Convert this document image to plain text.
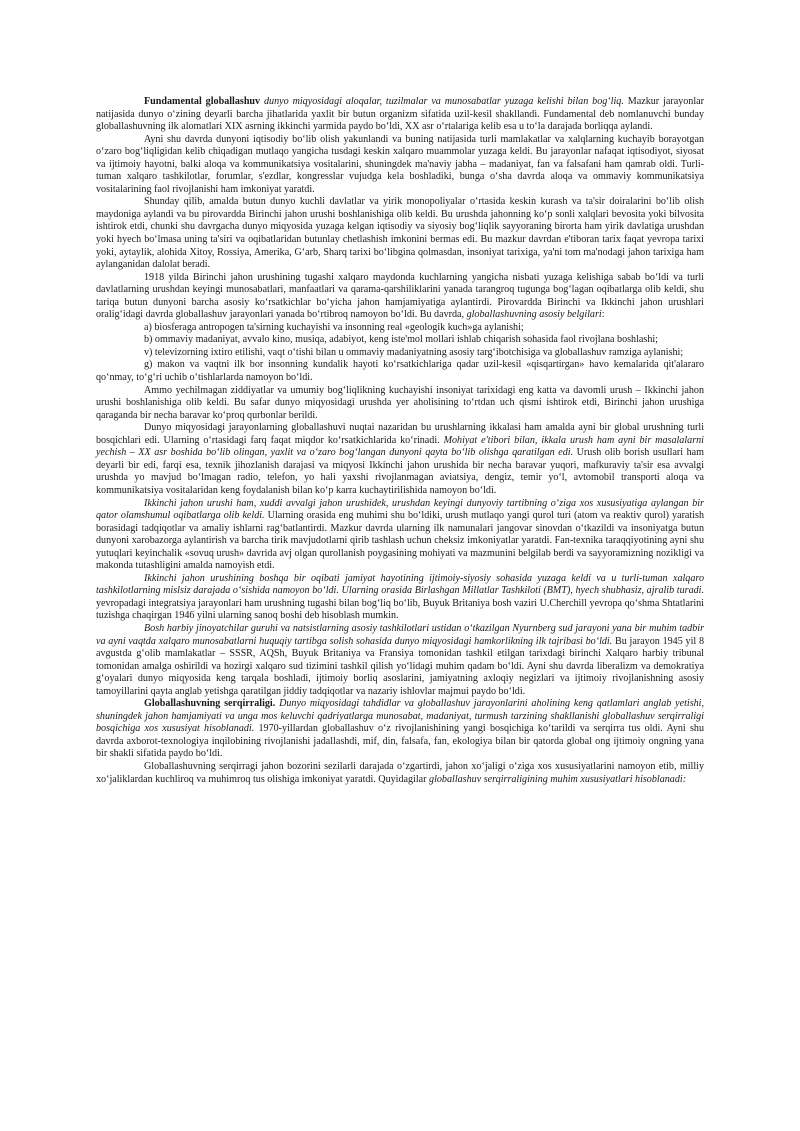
Fundamental globallashuv dunyo miqyosidagi aloqalar, tuzilmalar va munosabatlar yuzaga kelishi bilan bog‘liq. Mazkur jarayonlar natijasida dunyo oʻzining deyarli barcha jihatlarida yaxlit bir butun organizm sifatida uzil-kesil shakllandi. Fundamental deb nomlanuvchi bunday globallashuvning ilk alomatlari XIX asrning ikkinchi yarmida paydo boʻldi, XX asr oʻrtalariga kelib esa u toʻla darajada borliqqa aylandi.

Ayni shu davrda dunyoni iqtisodiy boʻlib olish yakunlandi va buning natijasida turli mamlakatlar va xalqlarning kuchayib borayotgan oʻzaro bogʻliqligidan kelib chiqadigan mutlaqo yangicha tusdagi keskin xalqaro muammolar yuzaga keldi. Bu jarayonlar nafaqat iqtisodiyot, siyosat va ijtimoiy hayotni, balki aloqa va kommunikatsiya vositalarini, shuningdek ma'naviy jabha – madaniyat, fan va falsafani ham qamrab oldi. Turli-tuman xalqaro tashkilotlar, forumlar, s'ezdlar, kongresslar vujudga kela boshladiki, bunga oʻsha davrda aloqa va ommaviy kommunikatsiya vositalarining faol rivojlanishi ham imkoniyat yaratdi.

Shunday qilib, amalda butun dunyo kuchli davlatlar va yirik monopoliyalar oʻrtasida keskin kurash va ta'sir doiralarini boʻlib olish maydoniga aylandi va bu pirovardda Birinchi jahon urushi boshlanishiga olib keldi. Bu urushda jahonning koʻp sonli xalqlari bevosita yoki bilvosita ishtirok etdi, chunki shu davrgacha dunyo miqyosida yuzaga kelgan iqtisodiy va siyosiy bogʻliqlik sayyoraning birorta ham yirik davlatiga urushdan yoki hyech boʻlmasa uning ta'siri va oqibatlaridan butunlay chetlashish imkonini bermas edi. Bu mazkur davrdan e'tiboran tarix faqat yevropa tarixi yoki, aytaylik, alohida Xitoy, Rossiya, Amerika, Gʻarb, Sharq tarixi boʻlibgina qolmasdan, insoniyat tarixiga, ya'ni tom ma'nodagi jahon tarixiga ham aylanganidan dalolat beradi.

1918 yilda Birinchi jahon urushining tugashi xalqaro maydonda kuchlarning yangicha nisbati yuzaga kelishiga sabab boʻldi va turli davlatlarning urushdan keyingi munosabatlari, manfaatlari va qarama-qarshiliklarini yanada tarangroq tugunga bogʻlagan oqibatlarga olib keldi, shu tariqa butun dunyoni barcha asosiy koʻrsatkichlar boʻyicha jahon hamjamiyatiga aylantirdi. Pirovardda Birinchi va Ikkinchi jahon urushlari oralig‘idagi davrda globallashuv jarayonlari yanada boʻrtibroq namoyon boʻldi. Bu davrda, globallashuvning asosiy belgilari:

a) biosferaga antropogen ta'sirning kuchayishi va insonning real «geologik kuch»ga aylanishi;

b) ommaviy madaniyat, avvalo kino, musiqa, adabiyot, keng iste'mol mollari ishlab chiqarish sohasida faol rivojlana boshlashi;

v) televizorning ixtiro etilishi, vaqt oʻtishi bilan u ommaviy madaniyatning asosiy targʻibotchisiga va globallashuv ramziga aylanishi;

g) makon va vaqtni ilk bor insonning kundalik hayoti koʻrsatkichlariga qadar uzil-kesil «qisqartirgan» havo kemalarida qit'alararo qoʻnmay, toʻgʻri uchib oʻtishlarlarda namoyon boʻldi.

Ammo yechilmagan ziddiyatlar va umumiy bogʻliqlikning kuchayishi insoniyat tarixidagi eng katta va davomli urush – Ikkinchi jahon urushi boshlanishiga olib keldi. Bu safar dunyo miqyosidagi urushda yer aholisining toʻrtdan uch qismi ishtirok etdi, Birinchi jahon urushiga qaraganda bir necha baravar koʻproq qurbonlar berildi.

Dunyo miqyosidagi jarayonlarning globallashuvi nuqtai nazaridan bu urushlarning ikkalasi ham amalda ayni bir global urushning turli bosqichlari edi. Ularning oʻrtasidagi farq faqat miqdor koʻrsatkichlarida koʻrinadi. Mohiyat e'tibori bilan, ikkala urush ham ayni bir masalalarni yechish – XX asr boshida boʻlib olingan, yaxlit va oʻzaro bogʻlangan dunyoni qayta boʻlib olishga qaratilgan edi. Urush olib borish usullari ham deyarli bir edi, farqi esa, texnik jihozlanish darajasi va miqyosi Ikkinchi jahon urushida bir necha baravar yuqori, mafkuraviy ta'sir esa avvalgi urushda yo mavjud boʻlmagan radio, telefon, yo hali yaxshi rivojlanmagan aviatsiya, dengiz, temir yoʻl, avtomobil transporti aloqa va kommunikatsiya vositalaridan keng foydalanish bilan koʻp karra kuchaytirilishida namoyon boʻldi.

Ikkinchi jahon urushi ham, xuddi avvalgi jahon urushidek, urushdan keyingi dunyoviy tartibning oʻziga xos xususiyatiga aylangan bir qator olamshumul oqibatlarga olib keldi. Ularning orasida eng muhimi shu boʻldiki, urush mutlaqo yangi qurol turi (atom va reaktiv qurol) yaratish borasidagi tadqiqotlar va amaliy ishlarni ragʻbatlantirdi. Mazkur davrda ularning ilk namunalari jangovar sinovdan oʻtkazildi va insoniyatga butun dunyoni xarobazorga aylantirish va barcha tirik mavjudotlarni qirib tashlash uchun cheksiz imkoniyatlar yaratdi. Fan-texnika taraqqiyotining ayni shu yutuqlari keyinchalik «sovuq urush» davrida avj olgan qurollanish poygasining mohiyati va mazmunini belgilab berdi va sayyoramizning nozikligi va makonda tutashligini amalda namoyish etdi.

Ikkinchi jahon urushining boshqa bir oqibati jamiyat hayotining ijtimoiy-siyosiy sohasida yuzaga keldi va u turli-tuman xalqaro tashkilotlarning mislsiz darajada oʻsishida namoyon boʻldi. Ularning orasida Birlashgan Millatlar Tashkiloti (BMT), hyech shubhasiz, ajralib turadi. yevropadagi integratsiya jarayonlari ham urushning tugashi bilan bogʻliq boʻlib, Buyuk Britaniya bosh vaziri U.Cherchill yevropa qoʻshma Shtatlarini tuzishga chaqirgan 1946 yilni ularning sanoq boshi deb hisoblash mumkin.

Bosh harbiy jinoyatchilar guruhi va natsistlarning asosiy tashkilotlari ustidan oʻtkazilgan Nyurnberg sud jarayoni yana bir muhim tadbir va ayni vaqtda xalqaro munosabatlarni huquqiy tartibga solish sohasida dunyo miqyosidagi hamkorlikning ilk tajribasi boʻldi. Bu jarayon 1945 yil 8 avgustda gʻolib mamlakatlar – SSSR, AQSh, Buyuk Britaniya va Fransiya tomonidan tashkil etilgan tarixdagi birinchi Xalqaro harbiy tribunal tomonidan amalga oshirildi va hozirgi xalqaro sud tizimini tashkil qilish yoʻlidagi muhim qadam boʻldi. Ayni shu davrda liberalizm va demokratiya gʻoyalari dunyo miqyosida keng tarqala boshladi, ijtimoiy borliq asoslarini, jamiyatning axloqiy negizlari va ijtimoiy rivojlanishning asosiy tamoyillarini qayta anglab yetishga qaratilgan jiddiy tadqiqotlar va nazariy ishlovlar majmui paydo boʻldi.

Globallashuvning serqirraligi. Dunyo miqyosidagi tahdidlar va globallashuv jarayonlarini aholining keng qatlamlari anglab yetishi, shuningdek jahon hamjamiyati va unga mos keluvchi qadriyatlarga munosabat, madaniyat, turmush tarzining shakllanishi globallashuv serqirraligi bosqichiga xos xususiyat hisoblanadi. 1970-yillardan globallashuv oʻz rivojlanishining yangi bosqichiga koʻtarildi va serqirra tus oldi. Ayni shu davrda axborot-texnologiya inqilobining rivojlanishi jadallashdi, mif, din, falsafa, fan, ekologiya bilan bir qatorda global ong ijtimoiy ongning yana bir shakli sifatida paydo boʻldi.

Globallashuvning serqirragi jahon bozorini sezilarli darajada oʻzgartirdi, jahon xoʻjaligi oʻziga xos xususiyatlarini namoyon etib, milliy xoʻjaliklardan kuchliroq va muhimroq tus olishiga imkoniyat yaratdi. Quyidagilar globallashuv serqirraligining muhim xususiyatlari hisoblanadi:
